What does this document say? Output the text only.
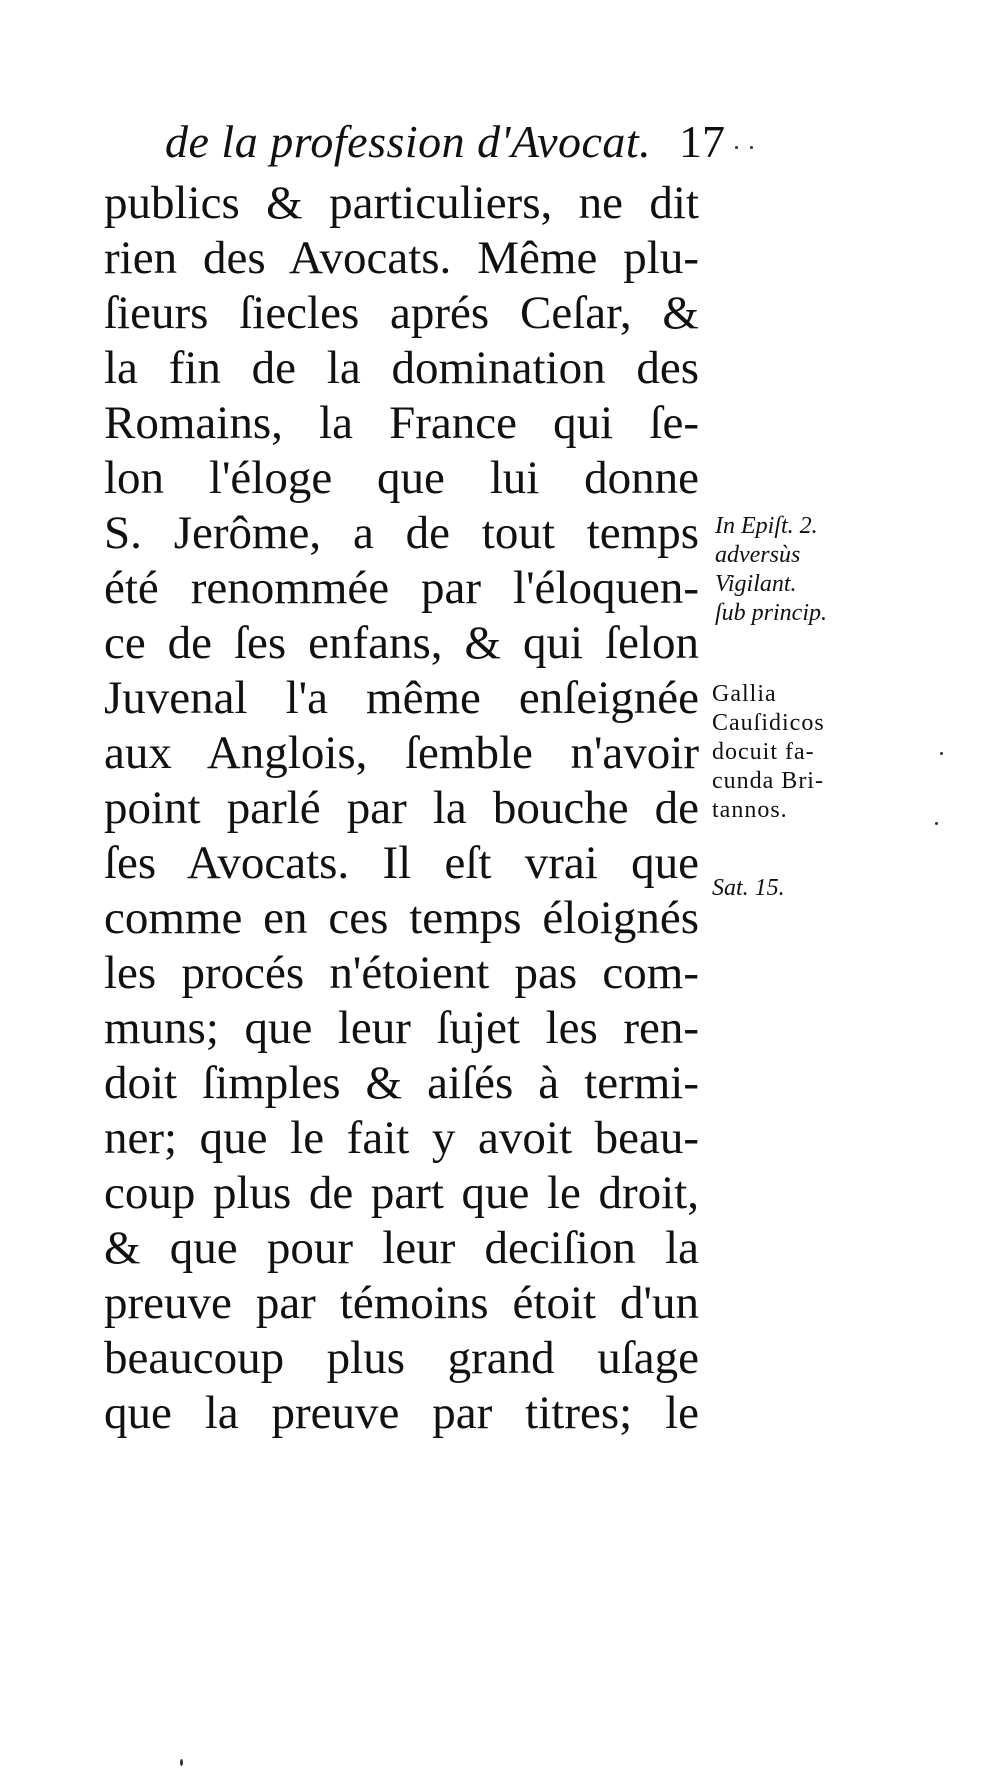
de la profession d'Avocat. 17
publics & particuliers, ne dit
rien des Avocats. Même plu-
ſieurs ſiecles aprés Ceſar, &
la fin de la domination des
Romains, la France qui ſe-
lon l'éloge que lui donne
S. Jerôme, a de tout temps
été renommée par l'éloquen-
ce de ſes enfans, & qui ſelon
Juvenal l'a même enſeignée
aux Anglois, ſemble n'avoir
point parlé par la bouche de
ſes Avocats. Il eſt vrai que
comme en ces temps éloignés
les procés n'étoient pas com-
muns; que leur ſujet les ren-
doit ſimples & aiſés à termi-
ner; que le fait y avoit beau-
coup plus de part que le droit,
& que pour leur deciſion la
preuve par témoins étoit d'un
beaucoup plus grand uſage
que la preuve par titres; le
In Epiſt. 2.
adversùs
Vigilant.
ſub princip.
Gallia
Cauſidicos
docuit fa-
cunda Bri-
tannos.
Sat. 15.
